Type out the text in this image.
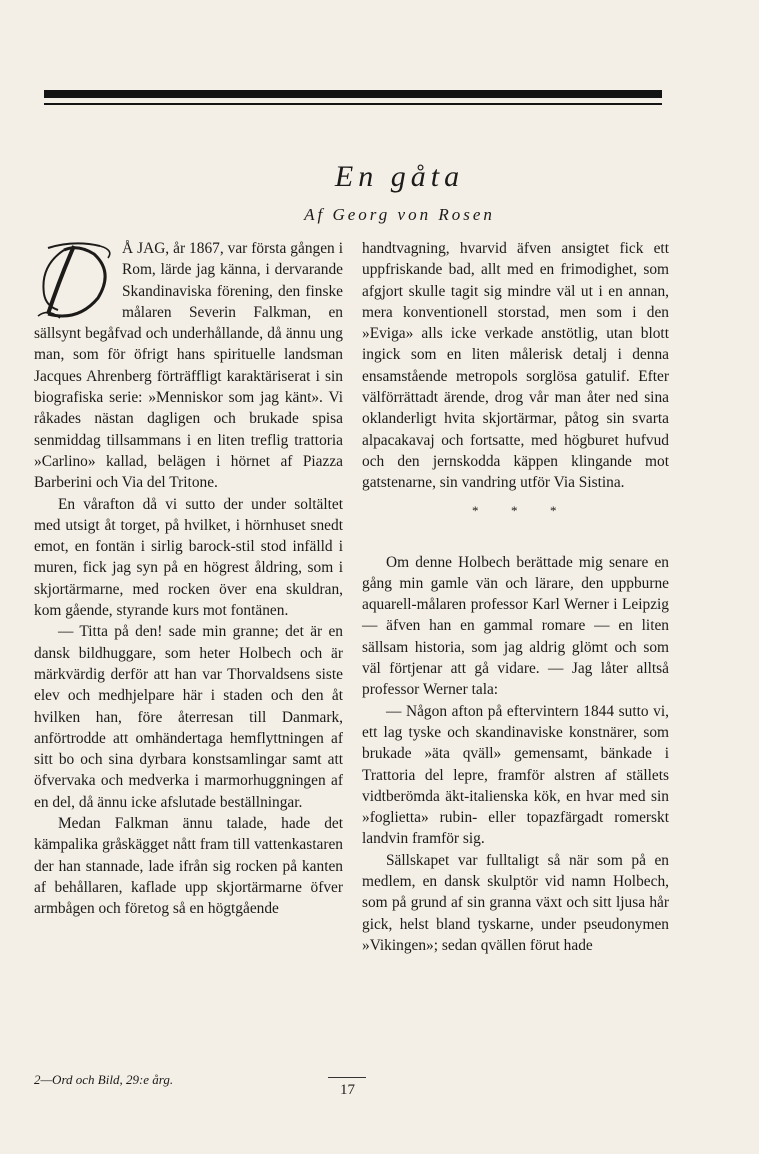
En gåta
Af Georg von Rosen

Å JAG, år 1867, var första gången i Rom, lärde jag känna, i dervarande Skandinaviska förening, den finske målaren Severin Falkman, en sällsynt begåfvad och underhållande, då ännu ung man, som för öfrigt hans spirituelle landsman Jacques Ahrenberg förträffligt karaktäriserat i sin biografiska serie: »Menniskor som jag känt». Vi råkades nästan dagligen och brukade spisa senmiddag tillsammans i en liten treflig trattoria »Carlino» kallad, belägen i hörnet af Piazza Barberini och Via del Tritone.

En vårafton då vi sutto der under soltältet med utsigt åt torget, på hvilket, i hörnhuset snedt emot, en fontän i sirlig barock-stil stod infälld i muren, fick jag syn på en högrest åldring, som i skjortärmarne, med rocken över ena skuldran, kom gående, styrande kurs mot fontänen.

— Titta på den! sade min granne; det är en dansk bildhuggare, som heter Holbech och är märkvärdig derför att han var Thorvaldsens siste elev och medhjelpare här i staden och den åt hvilken han, före återresan till Danmark, anförtrodde att omhändertaga hemflyttningen af sitt bo och sina dyrbara konstsamlingar samt att öfvervaka och medverka i marmorhuggningen af en del, då ännu icke afslutade beställningar.

Medan Falkman ännu talade, hade det kämpalika gråskägget nått fram till vattenkastaren der han stannade, lade ifrån sig rocken på kanten af behållaren, kaflade upp skjortärmarne öfver armbågen och företog så en högtgående

handtvagning, hvarvid äfven ansigtet fick ett uppfriskande bad, allt med en frimodighet, som afgjort skulle tagit sig mindre väl ut i en annan, mera konventionell storstad, men som i den »Eviga» alls icke verkade anstötlig, utan blott ingick som en liten målerisk detalj i denna ensamstående metropols sorglösa gatulif. Efter välförrättadt ärende, drog vår man åter ned sina oklanderligt hvita skjortärmar, påtog sin svarta alpacakavaj och fortsatte, med högburet hufvud och den jernskodda käppen klingande mot gatstenarne, sin vandring utför Via Sistina.

*          *          *

Om denne Holbech berättade mig senare en gång min gamle vän och lärare, den uppburne aquarell-målaren professor Karl Werner i Leipzig — äfven han en gammal romare — en liten sällsam historia, som jag aldrig glömt och som väl förtjenar att gå vidare. — Jag låter alltså professor Werner tala:

— Någon afton på eftervintern 1844 sutto vi, ett lag tyske och skandinaviske konstnärer, som brukade »äta qväll» gemensamt, bänkade i Trattoria del lepre, framför alstren af ställets vidtberömda äkt-italienska kök, en hvar med sin »foglietta» rubin- eller topazfärgadt romerskt landvin framför sig.

Sällskapet var fulltaligt så när som på en medlem, en dansk skulptör vid namn Holbech, som på grund af sin granna växt och sitt ljusa hår gick, helst bland tyskarne, under pseudonymen »Vikingen»; sedan qvällen förut hade

2—Ord och Bild, 29:e årg.
17
